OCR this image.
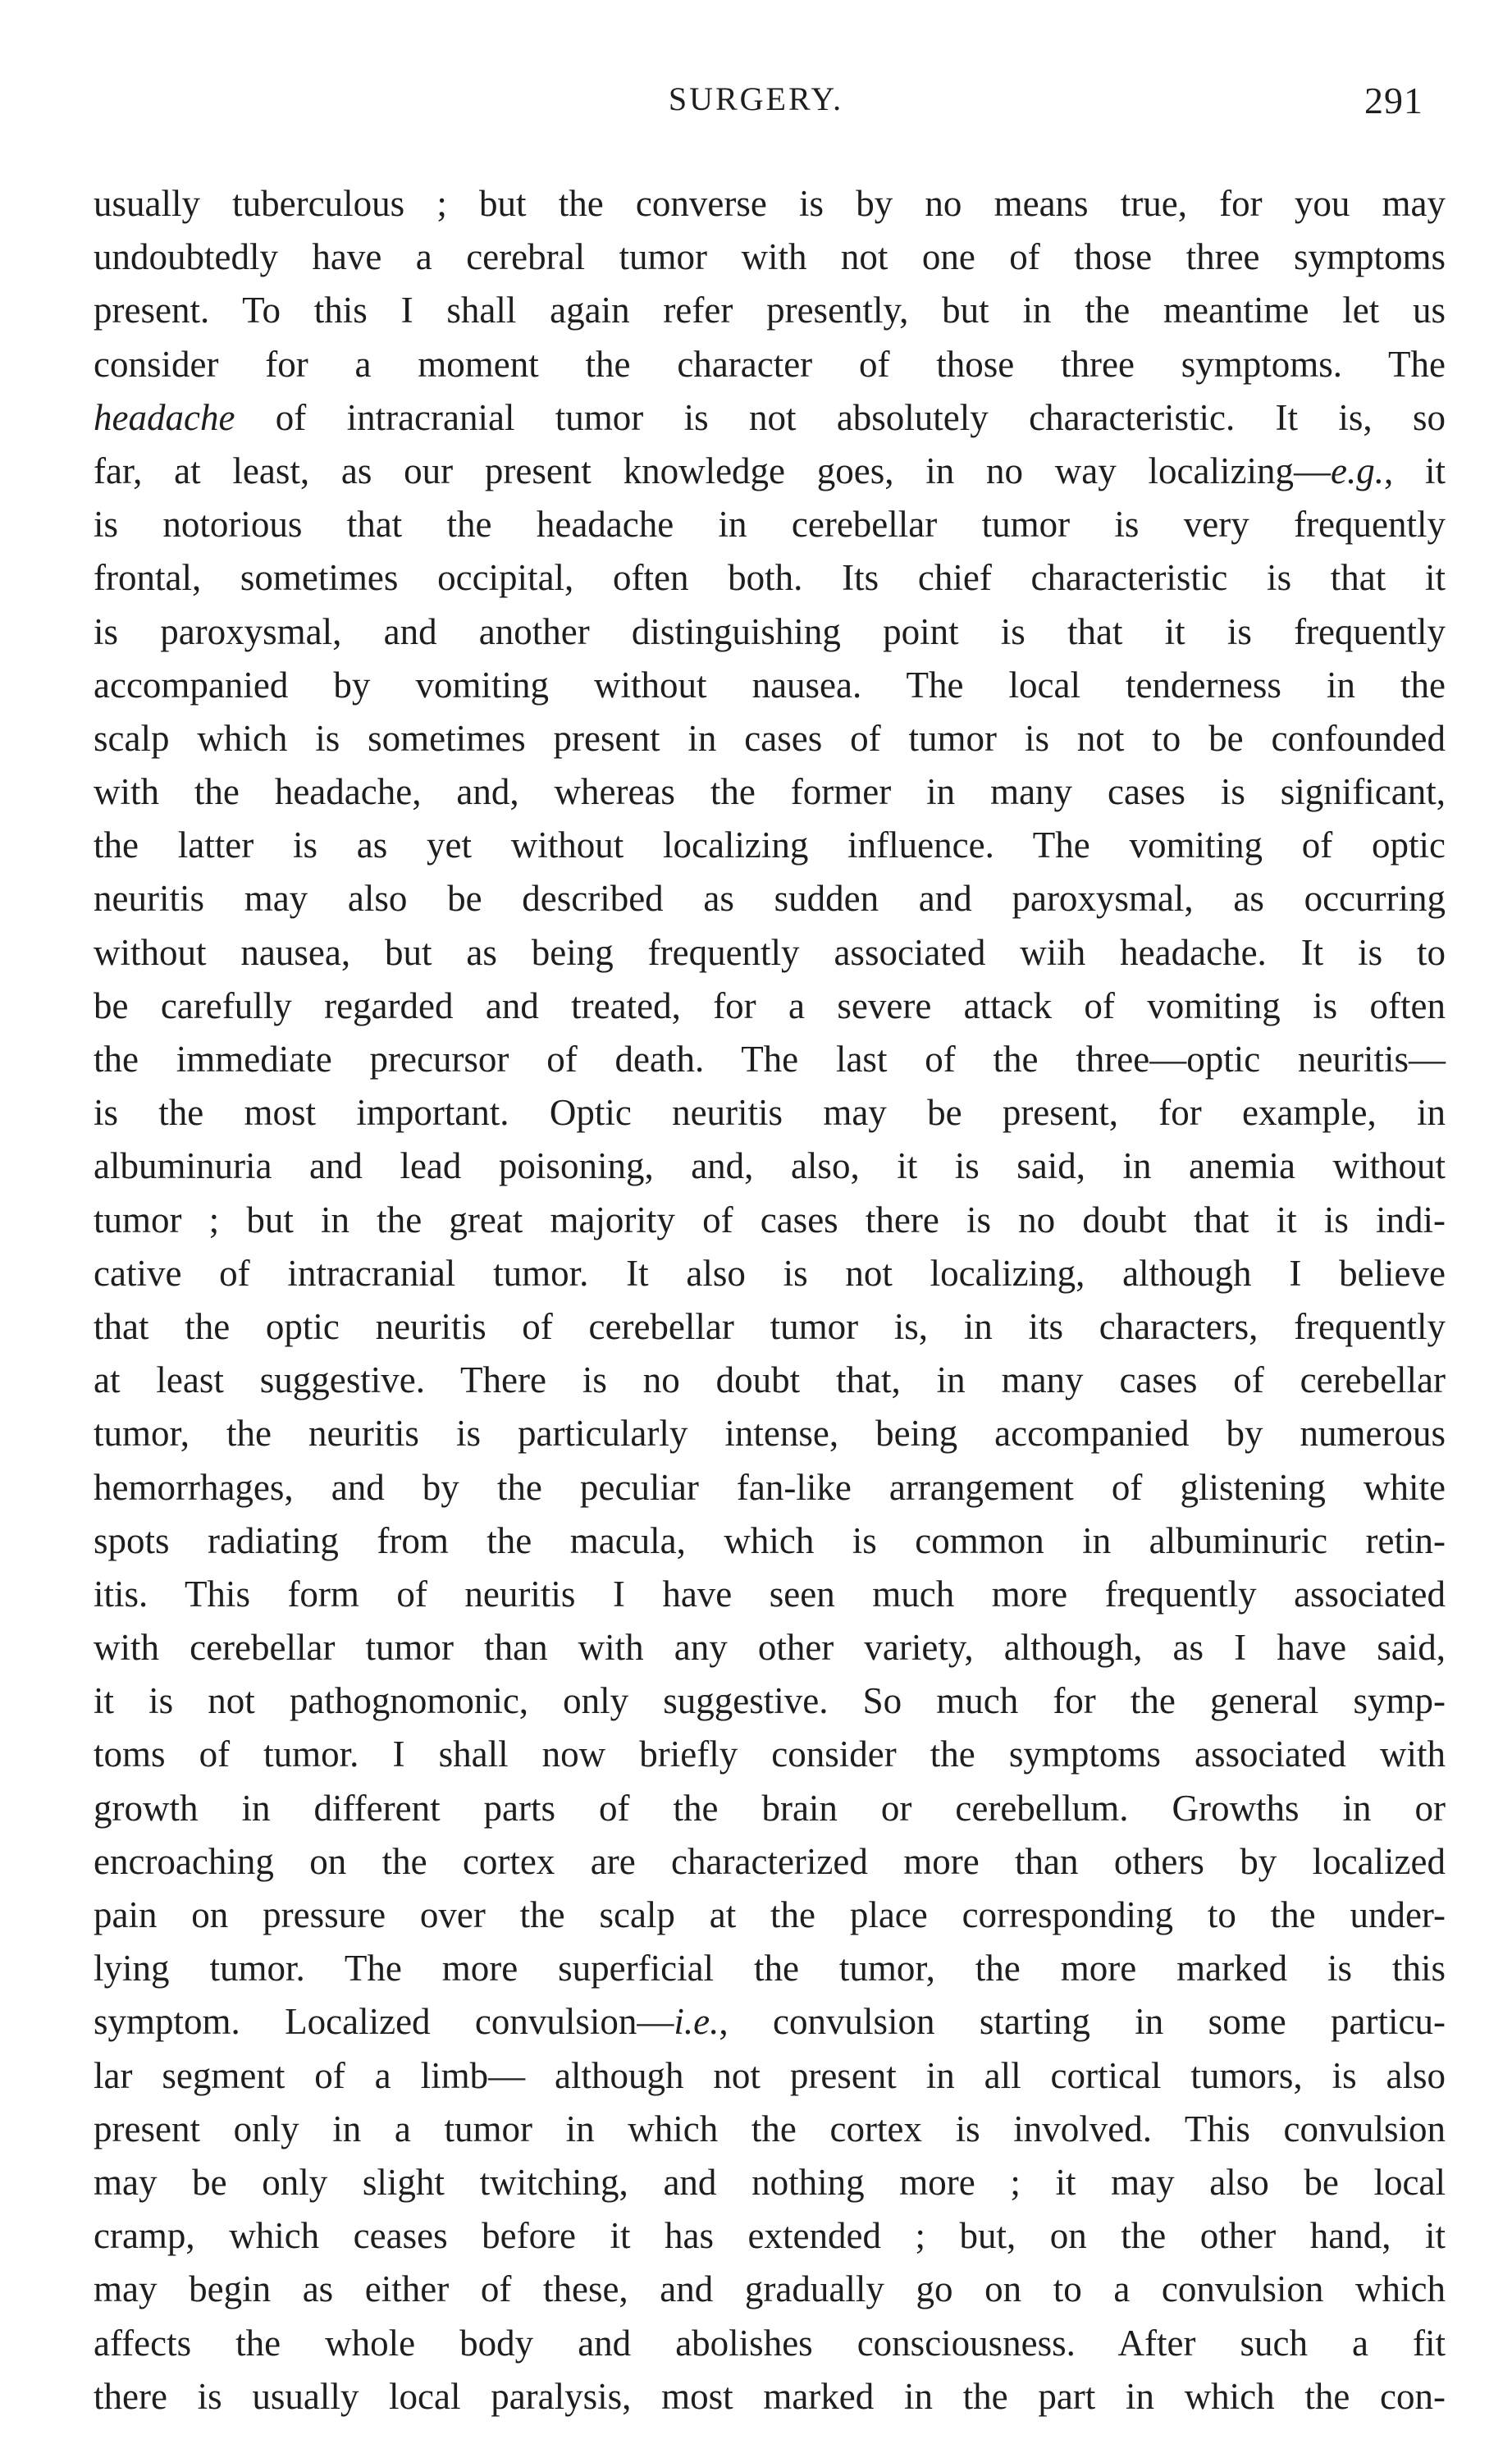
SURGERY.	291
usually tuberculous ; but the converse is by no means true, for you may
undoubtedly have a cerebral tumor with not one of those three symptoms
present. To this I shall again refer presently, but in the meantime let us
consider for a moment the character of those three symptoms. The
headache of intracranial tumor is not absolutely characteristic. It is, so
far, at least, as our present knowledge goes, in no way localizing—e.g., it
is notorious that the headache in cerebellar tumor is very frequently
frontal, sometimes occipital, often both. Its chief characteristic is that it
is paroxysmal, and another distinguishing point is that it is frequently
accompanied by vomiting without nausea. The local tenderness in the
scalp which is sometimes present in cases of tumor is not to be confounded
with the headache, and, whereas the former in many cases is significant,
the latter is as yet without localizing influence. The vomiting of optic
neuritis may also be described as sudden and paroxysmal, as occurring
without nausea, but as being frequently associated wiih headache. It is to
be carefully regarded and treated, for a severe attack of vomiting is often
the immediate precursor of death. The last of the three—optic neuritis—
is the most important. Optic neuritis may be present, for example, in
albuminuria and lead poisoning, and, also, it is said, in anemia without
tumor ; but in the great majority of cases there is no doubt that it is indi-
cative of intracranial tumor. It also is not localizing, although I believe
that the optic neuritis of cerebellar tumor is, in its characters, frequently
at least suggestive. There is no doubt that, in many cases of cerebellar
tumor, the neuritis is particularly intense, being accompanied by numerous
hemorrhages, and by the peculiar fan-like arrangement of glistening white
spots radiating from the macula, which is common in albuminuric retin-
itis. This form of neuritis I have seen much more frequently associated
with cerebellar tumor than with any other variety, although, as I have said,
it is not pathognomonic, only suggestive. So much for the general symp-
toms of tumor. I shall now briefly consider the symptoms associated with
growth in different parts of the brain or cerebellum. Growths in or
encroaching on the cortex are characterized more than others by localized
pain on pressure over the scalp at the place corresponding to the under-
lying tumor. The more superficial the tumor, the more marked is this
symptom. Localized convulsion—i.e., convulsion starting in some particu-
lar segment of a limb— although not present in all cortical tumors, is also
present only in a tumor in which the cortex is involved. This convulsion
may be only slight twitching, and nothing more ; it may also be local
cramp, which ceases before it has extended ; but, on the other hand, it
may begin as either of these, and gradually go on to a convulsion which
affects the whole body and abolishes consciousness. After such a fit
there is usually local paralysis, most marked in the part in which the con-
